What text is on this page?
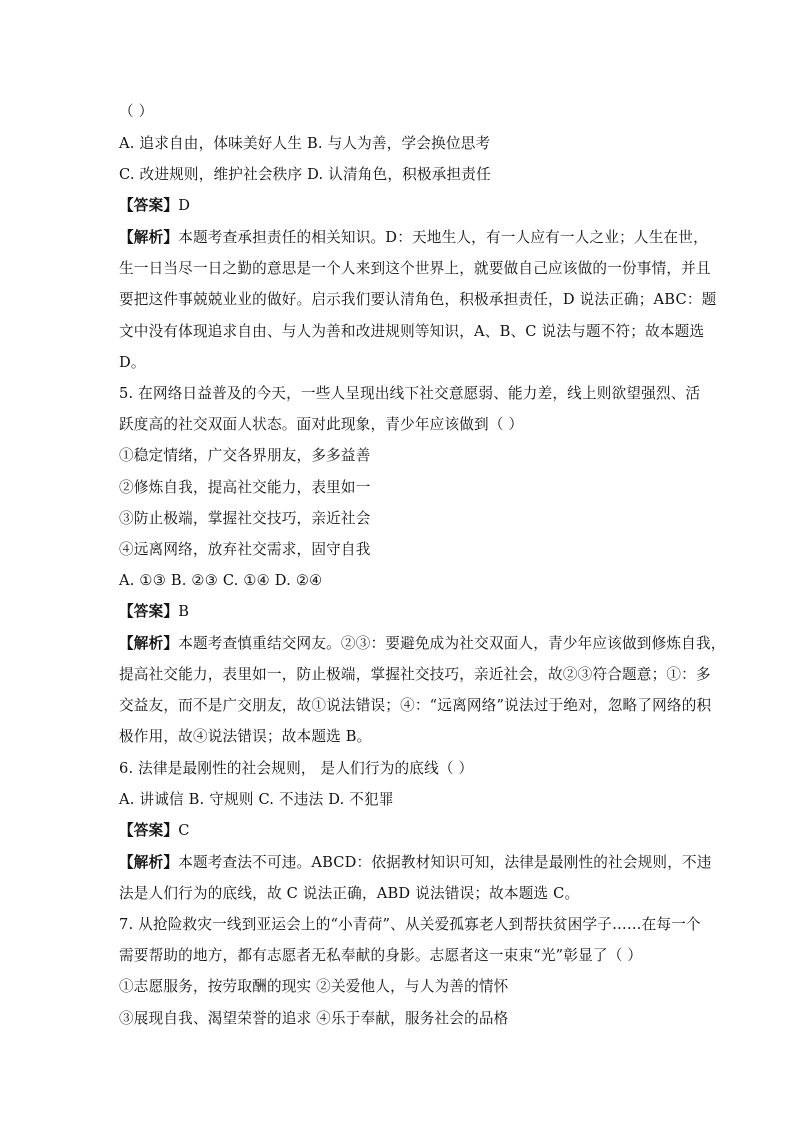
（ ）
A. 追求自由，体味美好人生 B. 与人为善，学会换位思考
C. 改进规则，维护社会秩序 D. 认清角色，积极承担责任
【答案】D
【解析】本题考查承担责任的相关知识。D：天地生人，有一人应有一人之业；人生在世，
生一日当尽一日之勤的意思是一个人来到这个世界上，就要做自己应该做的一份事情，并且
要把这件事兢兢业业的做好。启示我们要认清角色，积极承担责任，D 说法正确；ABC：题
文中没有体现追求自由、与人为善和改进规则等知识，A、B、C 说法与题不符；故本题选
D。
5. 在网络日益普及的今天，一些人呈现出线下社交意愿弱、能力差，线上则欲望强烈、活
跃度高的社交双面人状态。面对此现象，青少年应该做到（ ）
①稳定情绪，广交各界朋友，多多益善
②修炼自我，提高社交能力，表里如一
③防止极端，掌握社交技巧，亲近社会
④远离网络，放弃社交需求，固守自我
A. ①③ B. ②③ C. ①④ D. ②④
【答案】B
【解析】本题考查慎重结交网友。②③：要避免成为社交双面人，青少年应该做到修炼自我，
提高社交能力，表里如一，防止极端，掌握社交技巧，亲近社会，故②③符合题意；①：多
交益友，而不是广交朋友，故①说法错误；④：“远离网络”说法过于绝对，忽略了网络的积
极作用，故④说法错误；故本题选 B。
6. 法律是最刚性的社会规则， 是人们行为的底线（ ）
A. 讲诚信 B. 守规则 C. 不违法 D. 不犯罪
【答案】C
【解析】本题考查法不可违。ABCD：依据教材知识可知，法律是最刚性的社会规则，不违
法是人们行为的底线，故 C 说法正确，ABD 说法错误；故本题选 C。
7. 从抢险救灾一线到亚运会上的“小青荷”、从关爱孤寡老人到帮扶贫困学子……在每一个
需要帮助的地方，都有志愿者无私奉献的身影。志愿者这一束束“光”彰显了（ ）
①志愿服务，按劳取酬的现实 ②关爱他人，与人为善的情怀
③展现自我、渴望荣誉的追求 ④乐于奉献，服务社会的品格
